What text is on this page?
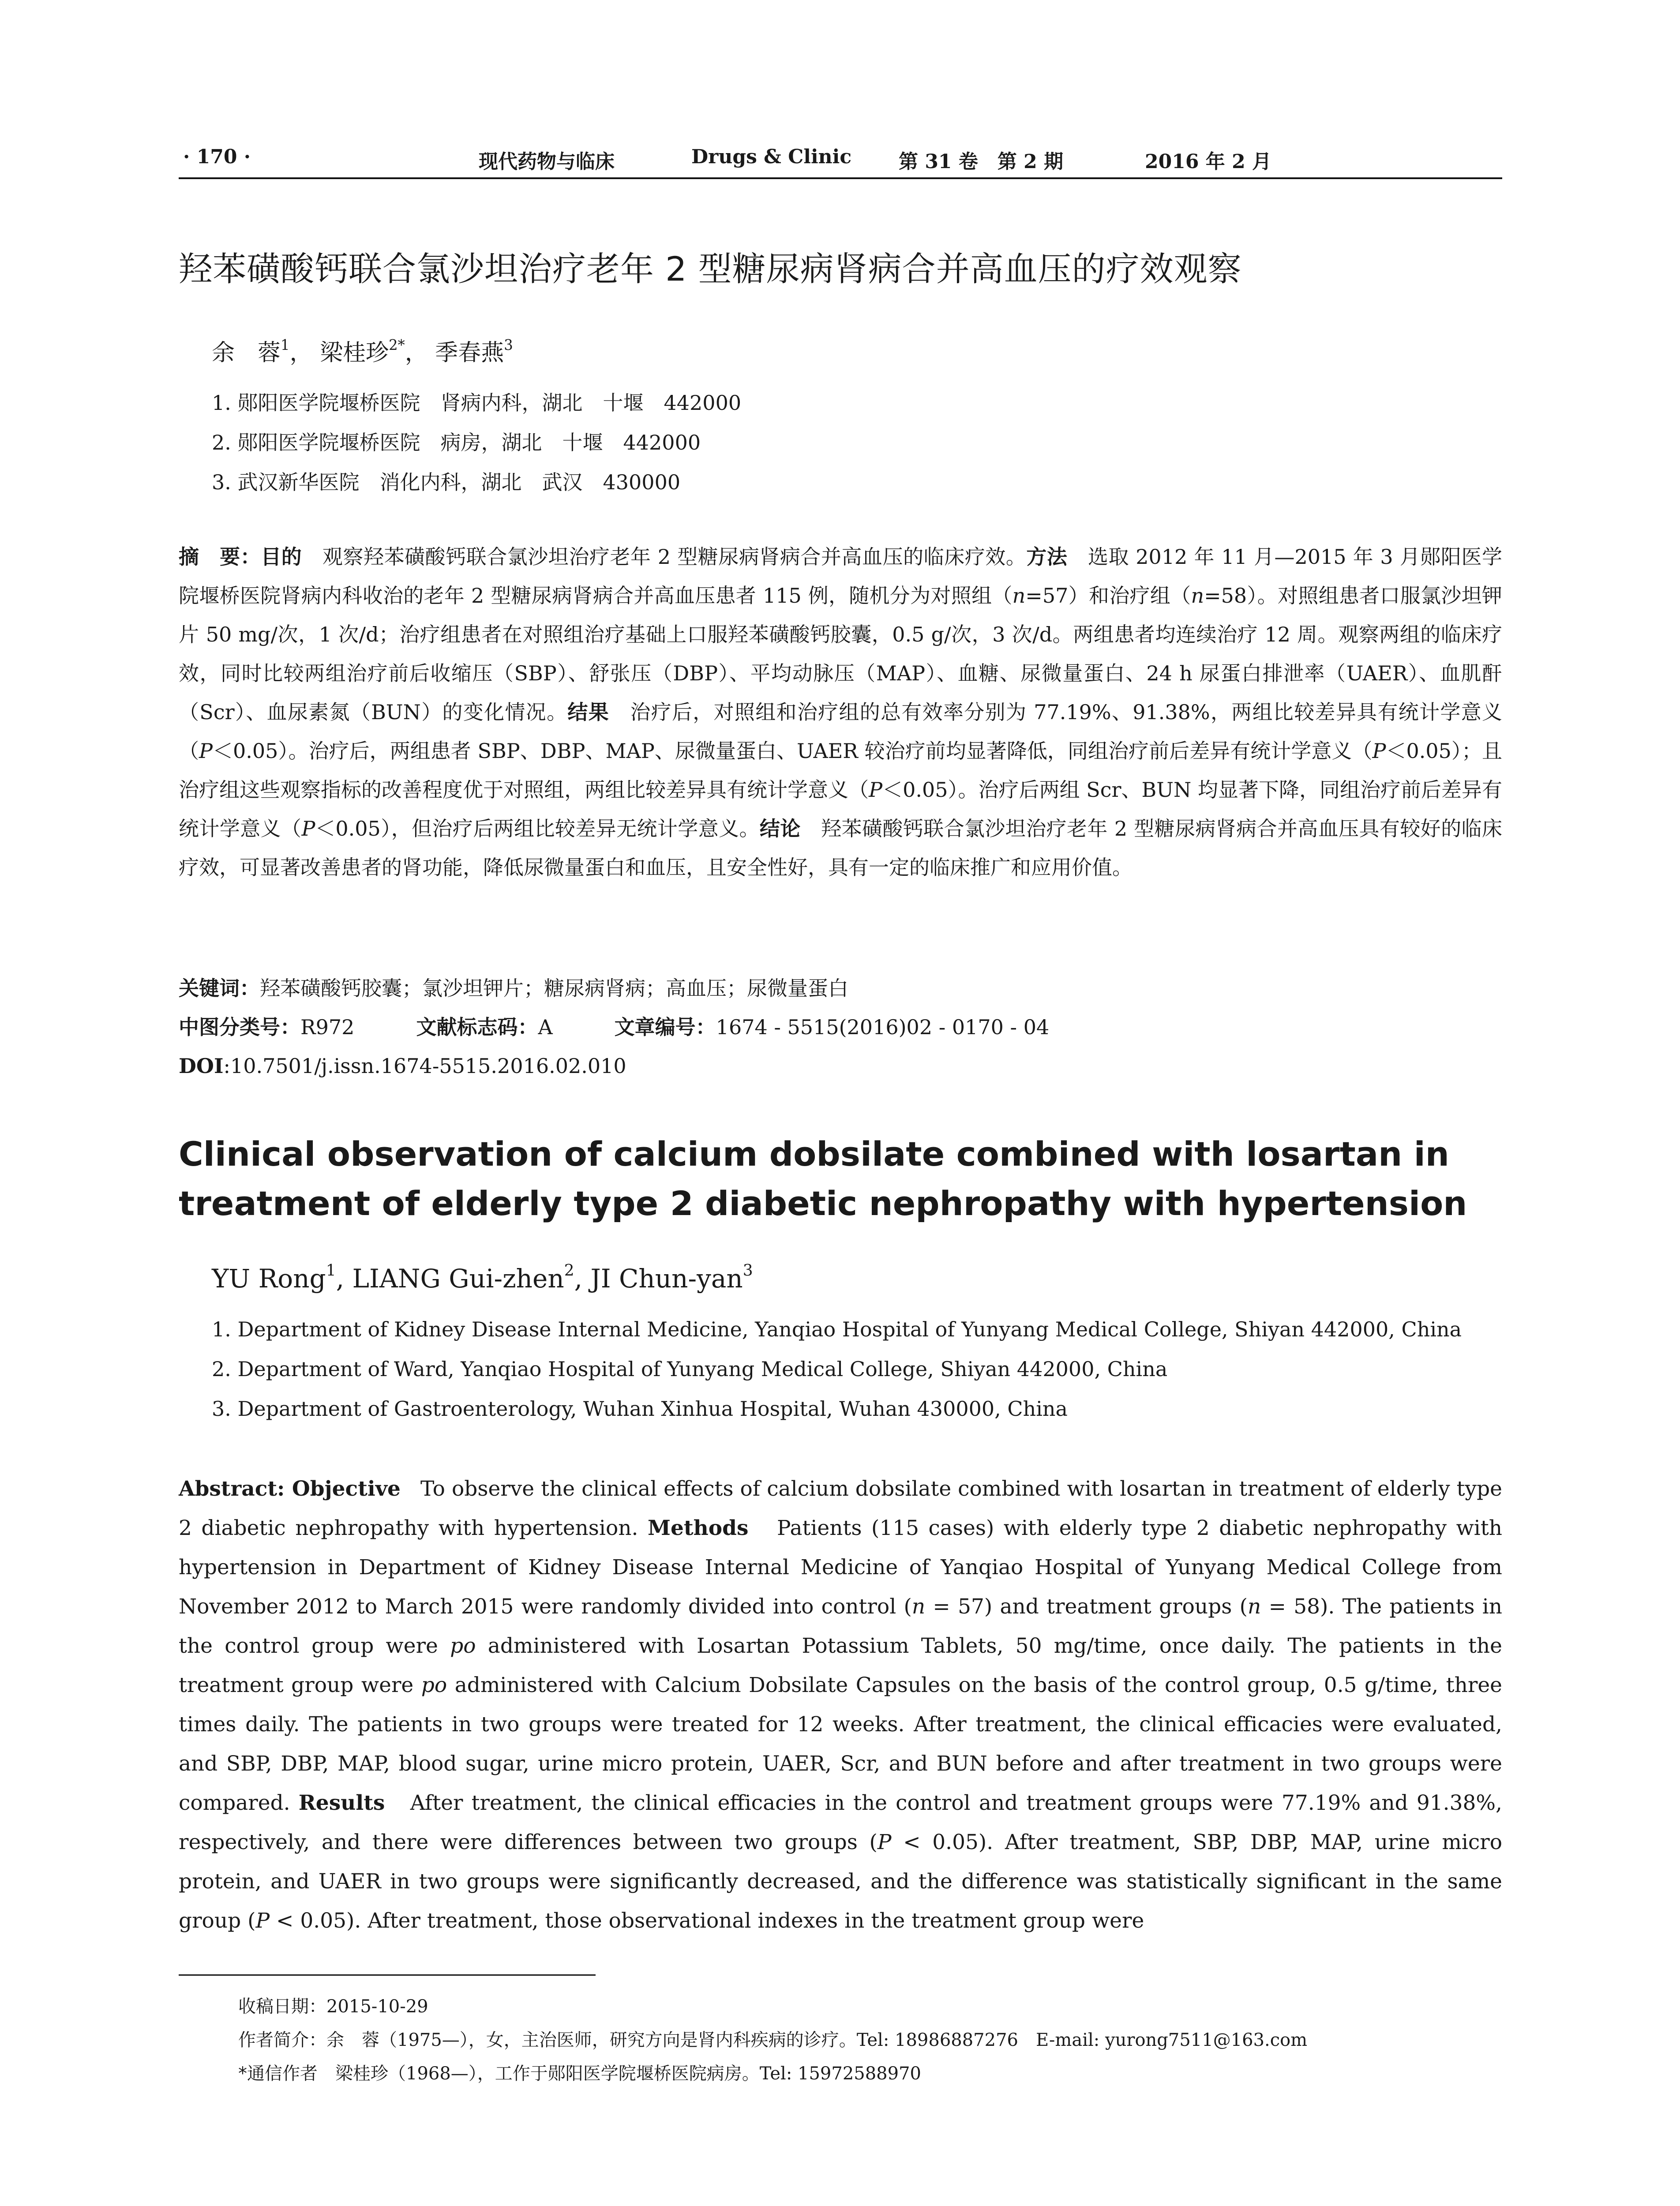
· 170 ·	现代药物与临床	Drugs & Clinic 第 31 卷　第 2 期	2016 年 2 月
羟苯磺酸钙联合氯沙坦治疗老年 2 型糖尿病肾病合并高血压的疗效观察
余　蓉$^1$， 梁桂珍$^{2*}$， 季春燕$^3$
1. 郧阳医学院堰桥医院　肾病内科，湖北　十堰　442000
2. 郧阳医学院堰桥医院　病房，湖北　十堰　442000
3. 武汉新华医院　消化内科，湖北　武汉　430000

摘　要：目的　观察羟苯磺酸钙联合氯沙坦治疗老年 2 型糖尿病肾病合并高血压的临床疗效。方法　选取 2012 年 11 月—2015 年 3 月郧阳医学院堰桥医院肾病内科收治的老年 2 型糖尿病肾病合并高血压患者 115 例，随机分为对照组（n=57）和治疗组（n=58）。对照组患者口服氯沙坦钾片 50 mg/次，1 次/d；治疗组患者在对照组治疗基础上口服羟苯磺酸钙胶囊，0.5 g/次，3 次/d。两组患者均连续治疗 12 周。观察两组的临床疗效，同时比较两组治疗前后收缩压（SBP）、舒张压（DBP）、平均动脉压（MAP）、血糖、尿微量蛋白、24 h 尿蛋白排泄率（UAER）、血肌酐（Scr）、血尿素氮（BUN）的变化情况。结果　治疗后，对照组和治疗组的总有效率分别为 77.19%、91.38%，两组比较差异具有统计学意义（P＜0.05）。治疗后，两组患者 SBP、DBP、MAP、尿微量蛋白、UAER 较治疗前均显著降低，同组治疗前后差异有统计学意义（P＜0.05）；且治疗组这些观察指标的改善程度优于对照组，两组比较差异具有统计学意义（P＜0.05）。治疗后两组 Scr、BUN 均显著下降，同组治疗前后差异有统计学意义（P＜0.05），但治疗后两组比较差异无统计学意义。结论　羟苯磺酸钙联合氯沙坦治疗老年 2 型糖尿病肾病合并高血压具有较好的临床疗效，可显著改善患者的肾功能，降低尿微量蛋白和血压，且安全性好，具有一定的临床推广和应用价值。

关键词：羟苯磺酸钙胶囊；氯沙坦钾片；糖尿病肾病；高血压；尿微量蛋白
中图分类号：R972	文献标志码：A	文章编号：1674 - 5515(2016)02 - 0170 - 04
DOI:10.7501/j.issn.1674-5515.2016.02.010
Clinical observation of calcium dobsilate combined with losartan in treatment of elderly type 2 diabetic nephropathy with hypertension
YU Rong$^1$, LIANG Gui-zhen$^2$, JI Chun-yan$^3$
1. Department of Kidney Disease Internal Medicine, Yanqiao Hospital of Yunyang Medical College, Shiyan 442000, China
2. Department of Ward, Yanqiao Hospital of Yunyang Medical College, Shiyan 442000, China
3. Department of Gastroenterology, Wuhan Xinhua Hospital, Wuhan 430000, China

Abstract: Objective   To observe the clinical effects of calcium dobsilate combined with losartan in treatment of elderly type 2 diabetic nephropathy with hypertension. Methods   Patients (115 cases) with elderly type 2 diabetic nephropathy with hypertension in Department of Kidney Disease Internal Medicine of Yanqiao Hospital of Yunyang Medical College from November 2012 to March 2015 were randomly divided into control (n = 57) and treatment groups (n = 58). The patients in the control group were po administered with Losartan Potassium Tablets, 50 mg/time, once daily. The patients in the treatment group were po administered with Calcium Dobsilate Capsules on the basis of the control group, 0.5 g/time, three times daily. The patients in two groups were treated for 12 weeks. After treatment, the clinical efficacies were evaluated, and SBP, DBP, MAP, blood sugar, urine micro protein, UAER, Scr, and BUN before and after treatment in two groups were compared. Results   After treatment, the clinical efficacies in the control and treatment groups were 77.19% and 91.38%, respectively, and there were differences between two groups (P < 0.05). After treatment, SBP, DBP, MAP, urine micro protein, and UAER in two groups were significantly decreased, and the difference was statistically significant in the same group (P < 0.05). After treatment, those observational indexes in the treatment group were

收稿日期：2015-10-29
作者简介：余　蓉（1975—），女，主治医师，研究方向是肾内科疾病的诊疗。Tel: 18986887276　E-mail: yurong7511@163.com
*通信作者　梁桂珍（1968—），工作于郧阳医学院堰桥医院病房。Tel: 15972588970
